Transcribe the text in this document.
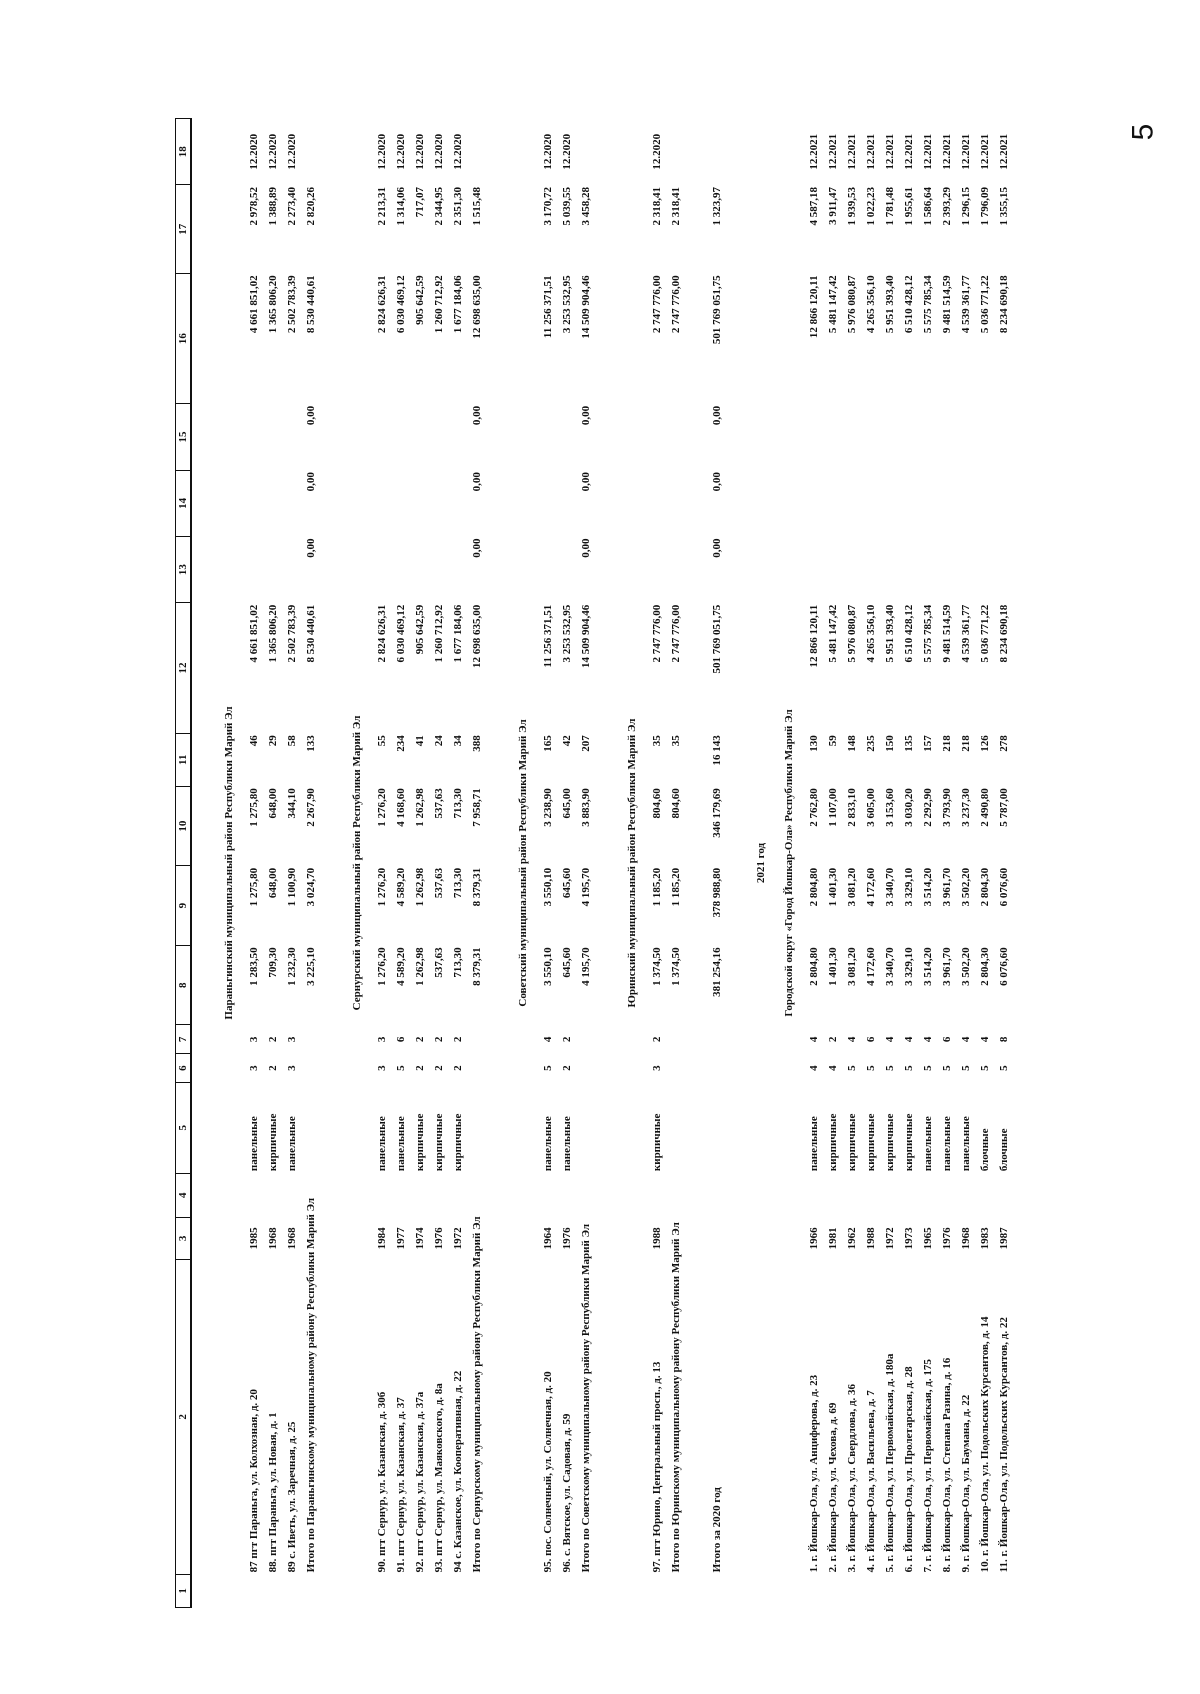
5
1	2	3	4	5	6	7	8	9	10	11	12	13	14	15	16	17	18

Параньгинский муниципальный район Республики Марий Эл																	
	87 пгт Параньга, ул. Колхозная, д. 20	1985		панельные	3	3	1 283,50	1 275,80	1 275,80	46	4 661 851,02				4 661 851,02	2 978,52	12.2020
	88. пгт Параньга, ул. Новая, д. 1	1968		кирпичные	2	2	709,30	648,00	648,00	29	1 365 806,20				1 365 806,20	1 388,89	12.2020
	89 с. Иветь, ул. Заречная, д. 25	1968		панельные	3	3	1 232,30	1 100,90	344,10	58	2 502 783,39				2 502 783,39	2 273,40	12.2020
	Итого по Параньгинскому муниципальному району Республики Марий Эл						3 225,10	3 024,70	2 267,90	133	8 530 440,61	0,00	0,00	0,00	8 530 440,61	2 820,26	

Сернурский муниципальный район Республики Марий Эл																	
	90. пгт Сернур, ул. Казанская, д. 30б	1984		панельные	3	3	1 276,20	1 276,20	1 276,20	55	2 824 626,31				2 824 626,31	2 213,31	12.2020
	91. пгт Сернур, ул. Казанская, д. 37	1977		панельные	5	6	4 589,20	4 589,20	4 168,60	234	6 030 469,12				6 030 469,12	1 314,06	12.2020
	92. пгт Сернур, ул. Казанская, д. 37а	1974		кирпичные	2	2	1 262,98	1 262,98	1 262,98	41	905 642,59				905 642,59	717,07	12.2020
	93. пгт Сернур, ул. Маяковского, д. 8а	1976		кирпичные	2	2	537,63	537,63	537,63	24	1 260 712,92				1 260 712,92	2 344,95	12.2020
	94 с. Казанское, ул. Кооперативная, д. 22	1972		кирпичные	2	2	713,30	713,30	713,30	34	1 677 184,06				1 677 184,06	2 351,30	12.2020
	Итого по Сернурскому муниципальному району Республики Марий Эл						8 379,31	8 379,31	7 958,71	388	12 698 635,00	0,00	0,00	0,00	12 698 635,00	1 515,48	

Советский муниципальный район Республики Марий Эл																	
	95. пос. Солнечный, ул. Солнечная, д. 20	1964		панельные	5	4	3 550,10	3 550,10	3 238,90	165	11 256 371,51				11 256 371,51	3 170,72	12.2020
	96. с. Вятское, ул. Садовая, д. 59	1976		панельные	2	2	645,60	645,60	645,00	42	3 253 532,95				3 253 532,95	5 039,55	12.2020
	Итого по Советскому муниципальному району Республики Марий Эл						4 195,70	4 195,70	3 883,90	207	14 509 904,46	0,00	0,00	0,00	14 509 904,46	3 458,28	

Юринский муниципальный район Республики Марий Эл																	
	97. пгт Юрино, Центральный просп., д. 13	1988		кирпичные	3	2	1 374,50	1 185,20	804,60	35	2 747 776,00				2 747 776,00	2 318,41	12.2020
	Итого по Юринскому муниципальному району Республики Марий Эл						1 374,50	1 185,20	804,60	35	2 747 776,00				2 747 776,00	2 318,41	

	Итого за 2020 год						381 254,16	378 988,80	346 179,69	16 143	501 769 051,75	0,00	0,00	0,00	501 769 051,75	1 323,97	

2021 год																	
Городской округ «Город Йошкар-Ола» Республики Марий Эл																	
	1. г. Йошкар-Ола, ул. Анциферова, д. 23	1966		панельные	4	4	2 804,80	2 804,80	2 762,80	130	12 866 120,11				12 866 120,11	4 587,18	12.2021
	2. г. Йошкар-Ола, ул. Чехова, д. 69	1981		кирпичные	4	2	1 401,30	1 401,30	1 107,00	59	5 481 147,42				5 481 147,42	3 911,47	12.2021
	3. г. Йошкар-Ола, ул. Свердлова, д. 36	1962		кирпичные	5	4	3 081,20	3 081,20	2 833,10	148	5 976 080,87				5 976 080,87	1 939,53	12.2021
	4. г. Йошкар-Ола, ул. Васильева, д. 7	1988		кирпичные	5	6	4 172,60	4 172,60	3 605,00	235	4 265 356,10				4 265 356,10	1 022,23	12.2021
	5. г. Йошкар-Ола, ул. Первомайская, д. 180а	1972		кирпичные	5	4	3 340,70	3 340,70	3 153,60	150	5 951 393,40				5 951 393,40	1 781,48	12.2021
	6. г. Йошкар-Ола, ул. Пролетарская, д. 28	1973		кирпичные	5	4	3 329,10	3 329,10	3 030,20	135	6 510 428,12				6 510 428,12	1 955,61	12.2021
	7. г. Йошкар-Ола, ул. Первомайская, д. 175	1965		панельные	5	4	3 514,20	3 514,20	2 292,90	157	5 575 785,34				5 575 785,34	1 586,64	12.2021
	8. г. Йошкар-Ола, ул. Степана Разина, д. 16	1976		панельные	5	6	3 961,70	3 961,70	3 793,90	218	9 481 514,59				9 481 514,59	2 393,29	12.2021
	9. г. Йошкар-Ола, ул. Баумана, д. 22	1968		панельные	5	4	3 502,20	3 502,20	3 237,30	218	4 539 361,77				4 539 361,77	1 296,15	12.2021
	10. г. Йошкар-Ола, ул. Подольских Курсантов, д. 14	1983		блочные	5	4	2 804,30	2 804,30	2 490,80	126	5 036 771,22				5 036 771,22	1 796,09	12.2021
	11. г. Йошкар-Ола, ул. Подольских Курсантов, д. 22	1987		блочные	5	8	6 076,60	6 076,60	5 787,00	278	8 234 690,18				8 234 690,18	1 355,15	12.2021
